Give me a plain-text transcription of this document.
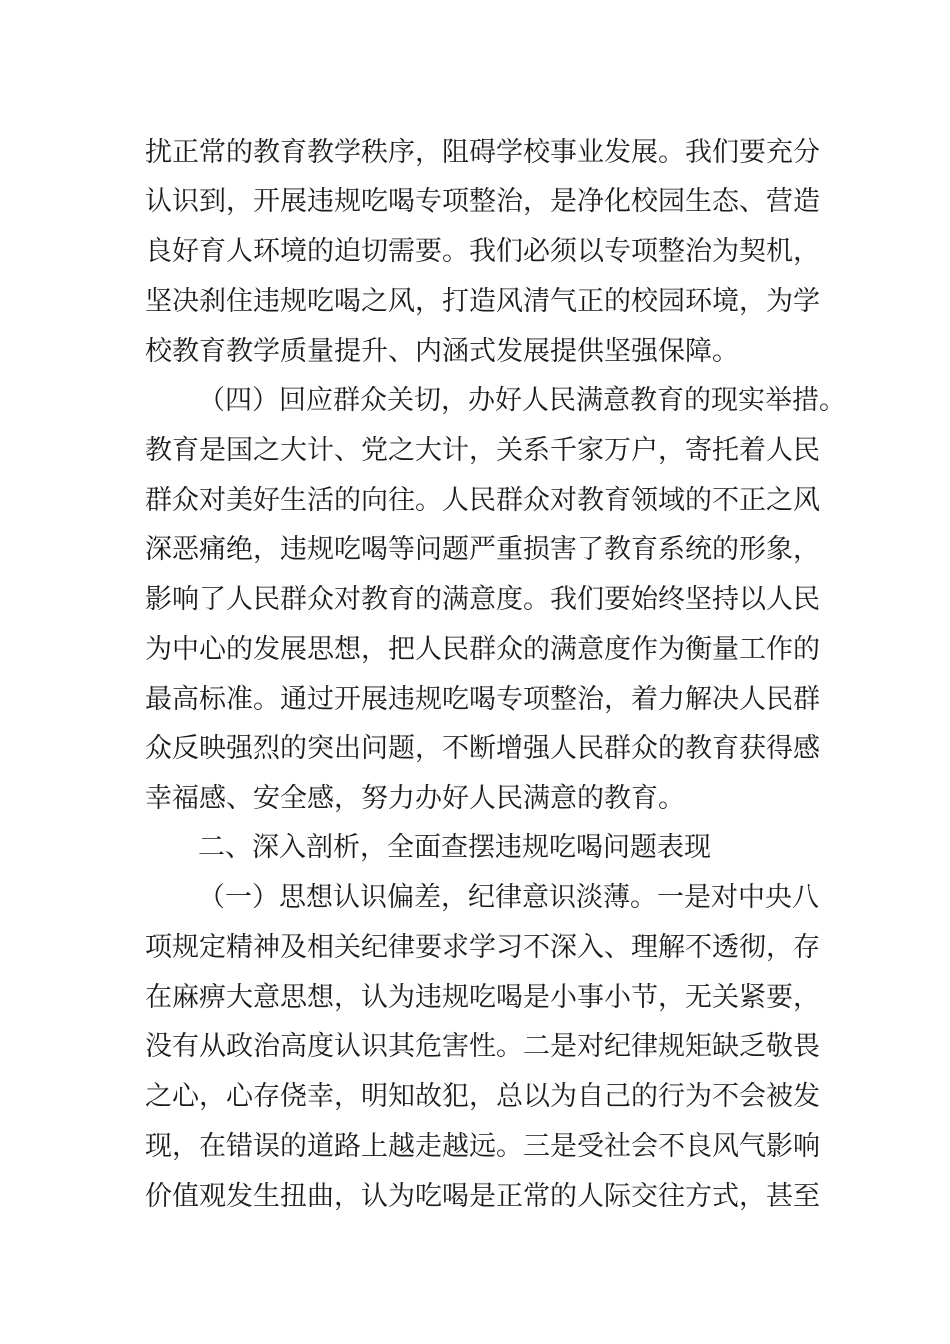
扰正常的教育教学秩序，阻碍学校事业发展。我们要充分
认识到，开展违规吃喝专项整治，是净化校园生态、营造
良好育人环境的迫切需要。我们必须以专项整治为契机，
坚决刹住违规吃喝之风，打造风清气正的校园环境，为学
校教育教学质量提升、内涵式发展提供坚强保障。
（四）回应群众关切，办好人民满意教育的现实举措。
教育是国之大计、党之大计，关系千家万户，寄托着人民
群众对美好生活的向往。人民群众对教育领域的不正之风
深恶痛绝，违规吃喝等问题严重损害了教育系统的形象，
影响了人民群众对教育的满意度。我们要始终坚持以人民
为中心的发展思想，把人民群众的满意度作为衡量工作的
最高标准。通过开展违规吃喝专项整治，着力解决人民群
众反映强烈的突出问题，不断增强人民群众的教育获得感
幸福感、安全感，努力办好人民满意的教育。
二、深入剖析，全面查摆违规吃喝问题表现
（一）思想认识偏差，纪律意识淡薄。一是对中央八
项规定精神及相关纪律要求学习不深入、理解不透彻，存
在麻痹大意思想，认为违规吃喝是小事小节，无关紧要，
没有从政治高度认识其危害性。二是对纪律规矩缺乏敬畏
之心，心存侥幸，明知故犯，总以为自己的行为不会被发
现，在错误的道路上越走越远。三是受社会不良风气影响
价值观发生扭曲，认为吃喝是正常的人际交往方式，甚至
